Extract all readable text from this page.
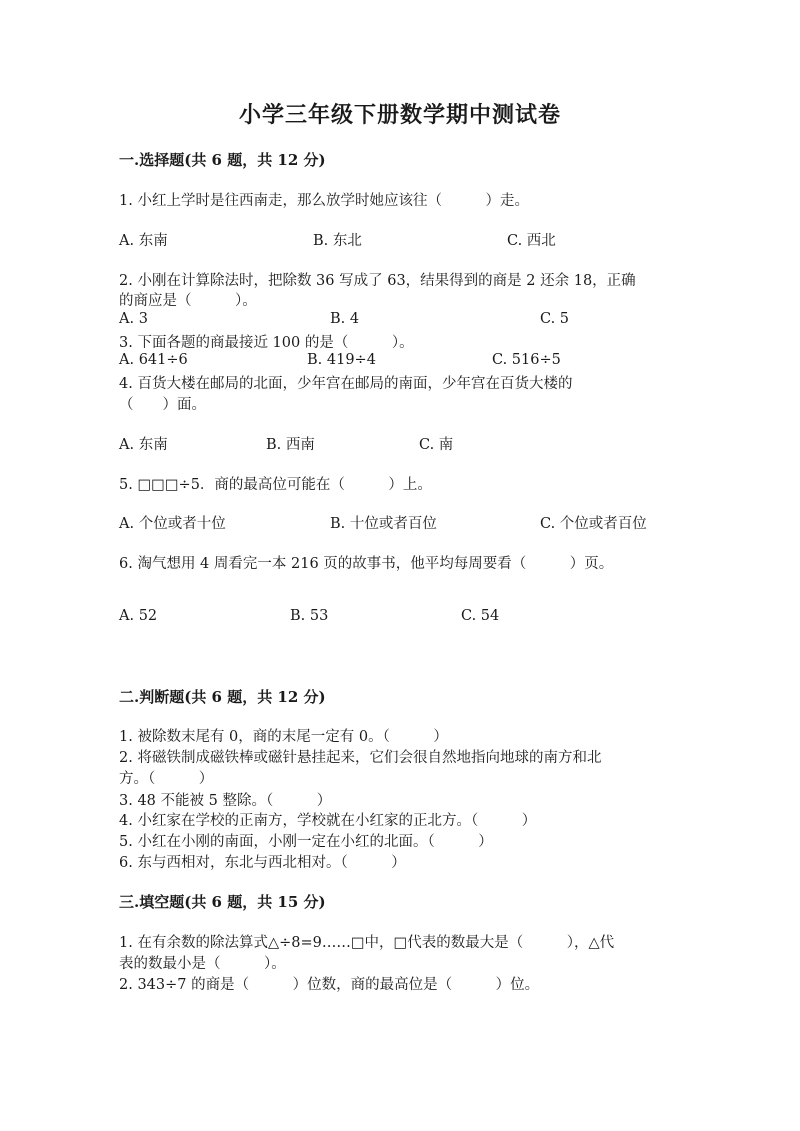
小学三年级下册数学期中测试卷
一.选择题(共 6 题，共 12 分)
1. 小红上学时是往西南走，那么放学时她应该往（　　　）走。
A. 东南	B. 东北	C. 西北
2. 小刚在计算除法时，把除数 36 写成了 63，结果得到的商是 2 还余 18，正确
的商应是（　　　）。
A. 3	B. 4	C. 5
3. 下面各题的商最接近 100 的是（　　　）。
A. 641÷6	B. 419÷4	C. 516÷5
4. 百货大楼在邮局的北面，少年宫在邮局的南面，少年宫在百货大楼的
（　　）面。
A. 东南	B. 西南	C. 南
5. □□□÷5．商的最高位可能在（　　　）上。
A. 个位或者十位	B. 十位或者百位	C. 个位或者百位
6. 淘气想用 4 周看完一本 216 页的故事书，他平均每周要看（　　　）页。
A. 52	B. 53	C. 54
二.判断题(共 6 题，共 12 分)
1. 被除数末尾有 0，商的末尾一定有 0。（　　　）
2. 将磁铁制成磁铁棒或磁针悬挂起来，它们会很自然地指向地球的南方和北
方。（　　　）
3. 48 不能被 5 整除。（　　　）
4. 小红家在学校的正南方，学校就在小红家的正北方。（　　　）
5. 小红在小刚的南面，小刚一定在小红的北面。（　　　）
6. 东与西相对，东北与西北相对。（　　　）
三.填空题(共 6 题，共 15 分)
1. 在有余数的除法算式△÷8=9……□中，□代表的数最大是（　　　），△代
表的数最小是（　　　）。
2. 343÷7 的商是（　　　）位数，商的最高位是（　　　）位。
